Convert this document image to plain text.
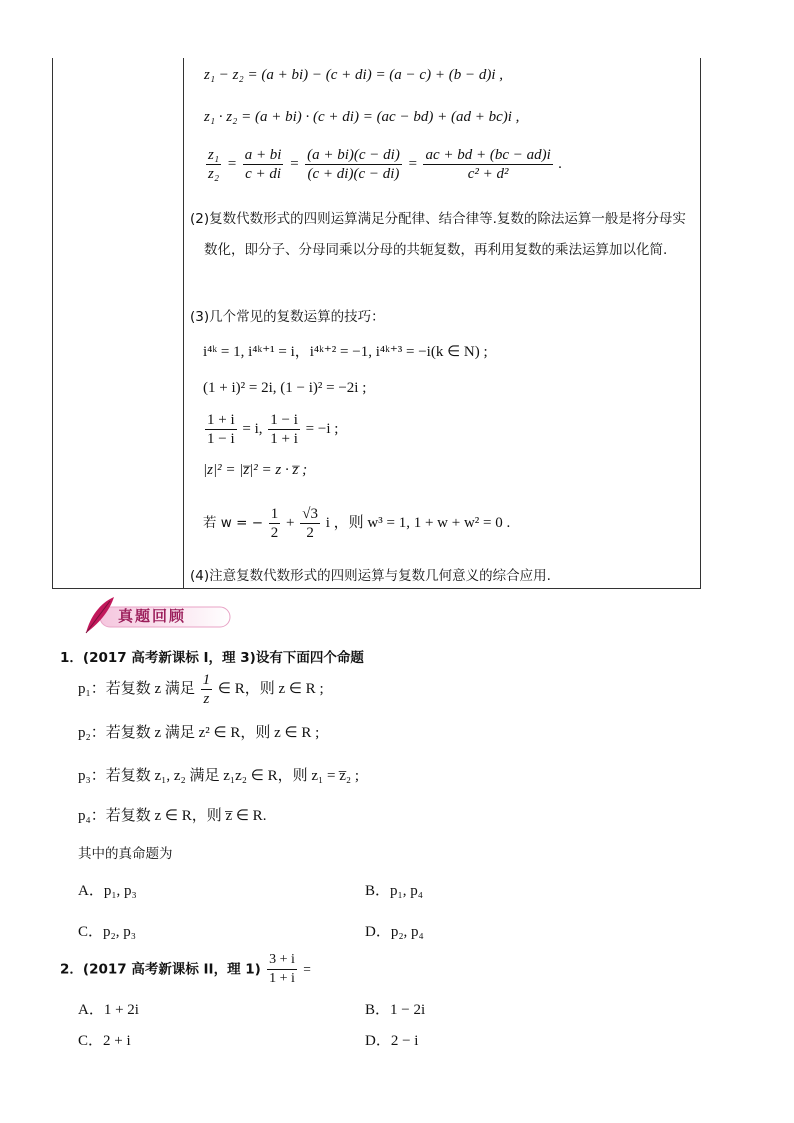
z₁ − z₂ = (a + bi) − (c + di) = (a − c) + (b − d)i ,
z₁ · z₂ = (a + bi) · (c + di) = (ac − bd) + (ad + bc)i ,
$\frac{\text{z₁}}{\text{z₂}} = \frac{a + bi}{c + di} = \frac{(a + bi)(c - di)}{(c + di)(c - di)} = \frac{ac + bd + (bc - ad)i}{\text{c² + d²}}$ .
(2)复数代数形式的四则运算满足分配律、结合律等.复数的除法运算一般是将分母实数化，即分子、分母同乘以分母的共轭复数，再利用复数的乘法运算加以化简.
(3)几个常见的复数运算的技巧：
i⁴ᵏ = 1, i⁴ᵏ⁺¹ = i，i⁴ᵏ⁺² = −1, i⁴ᵏ⁺³ = −i(k ∈ N) ;
(1 + i)² = 2i, (1 − i)² = −2i ;
$\frac{1 + i}{1 - i} = i$, $\frac{1 - i}{1 + i} = -i$ ;
|z|² = |z̅|² = z · z̅ ;
若 w = − $\frac{1}{2} + \frac{√3}{2}$ i ，则 w³ = 1, 1 + w + w² = 0 .
(4)注意复数代数形式的四则运算与复数几何意义的综合应用.
真题回顾
1．(2017 高考新课标 I，理 3)设有下面四个命题
p₁：若复数 z 满足 $\frac{1}{z}$ ∈ R，则 z ∈ R ;
p₂：若复数 z 满足 z² ∈ R，则 z ∈ R ;
p₃：若复数 z₁, z₂ 满足 z₁z₂ ∈ R，则 z₁ = z̅₂ ;
p₄：若复数 z ∈ R，则 z̅ ∈ R.
其中的真命题为
A．p₁, p₃	B．p₁, p₄
C．p₂, p₃	D．p₂, p₄
2．(2017 高考新课标 II，理 $1) \frac{3 + i}{1 + i}$ =
A．1 + 2i	B．1 − 2i
C．2 + i	D．2 − i
